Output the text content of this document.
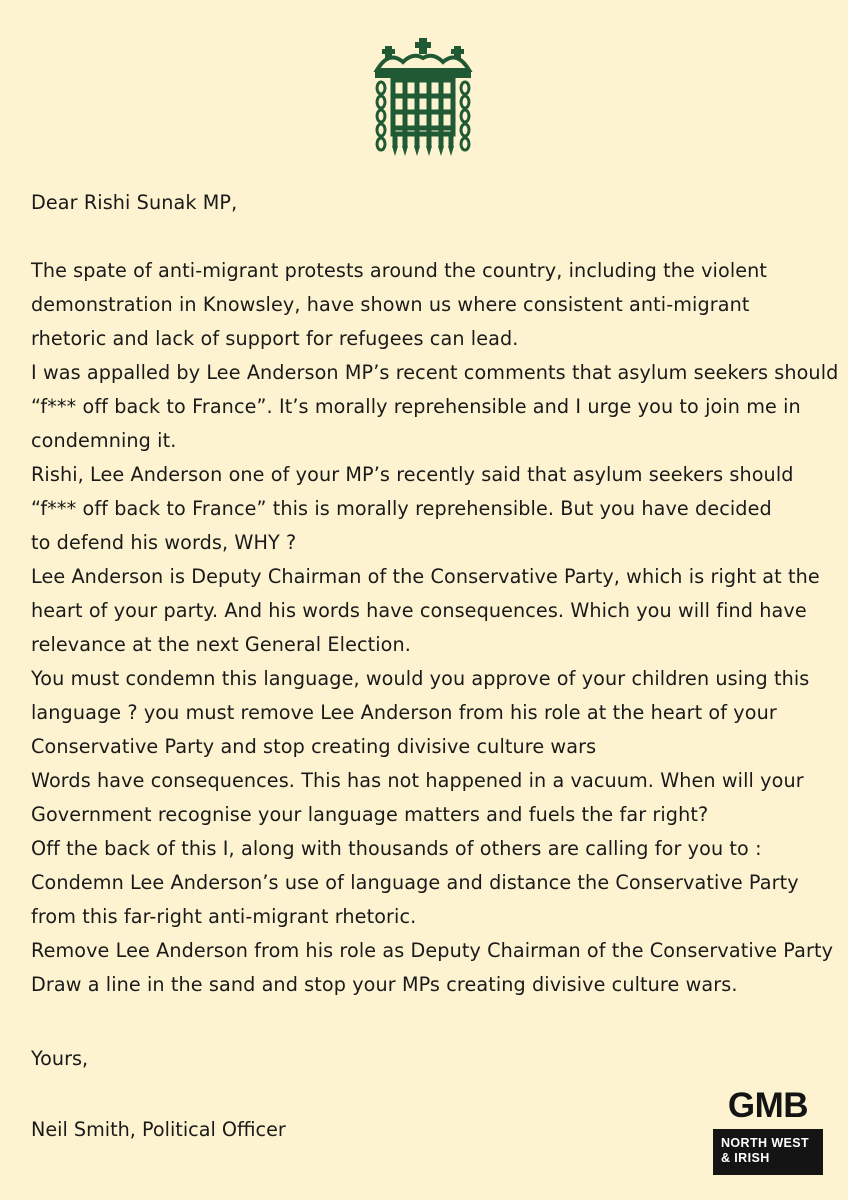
Dear Rishi Sunak MP,

The spate of anti-migrant protests around the country, including the violent

demonstration in Knowsley, have shown us where consistent anti-migrant

rhetoric and lack of support for refugees can lead.

I was appalled by Lee Anderson MP’s recent comments that asylum seekers should

“f*** off back to France”. It’s morally reprehensible and I urge you to join me in

condemning it.

Rishi, Lee Anderson one of your MP’s recently said that asylum seekers should

“f*** off back to France” this is morally reprehensible. But you have decided

to defend his words, WHY ?

Lee Anderson is Deputy Chairman of the Conservative Party, which is right at the

heart of your party. And his words have consequences. Which you will find have

relevance at the next General Election.

You must condemn this language, would you approve of your children using this

language ? you must remove Lee Anderson from his role at the heart of your

Conservative Party and stop creating divisive culture wars

Words have consequences. This has not happened in a vacuum. When will your

Government recognise your language matters and fuels the far right?

Off the back of this I, along with thousands of others are calling for you to :

Condemn Lee Anderson’s use of language and distance the Conservative Party

from this far-right anti-migrant rhetoric.

Remove Lee Anderson from his role as Deputy Chairman of the Conservative Party

Draw a line in the sand and stop your MPs creating divisive culture wars.

Yours,
Neil Smith, Political Officer
GMB
NORTH WEST
& IRISH
